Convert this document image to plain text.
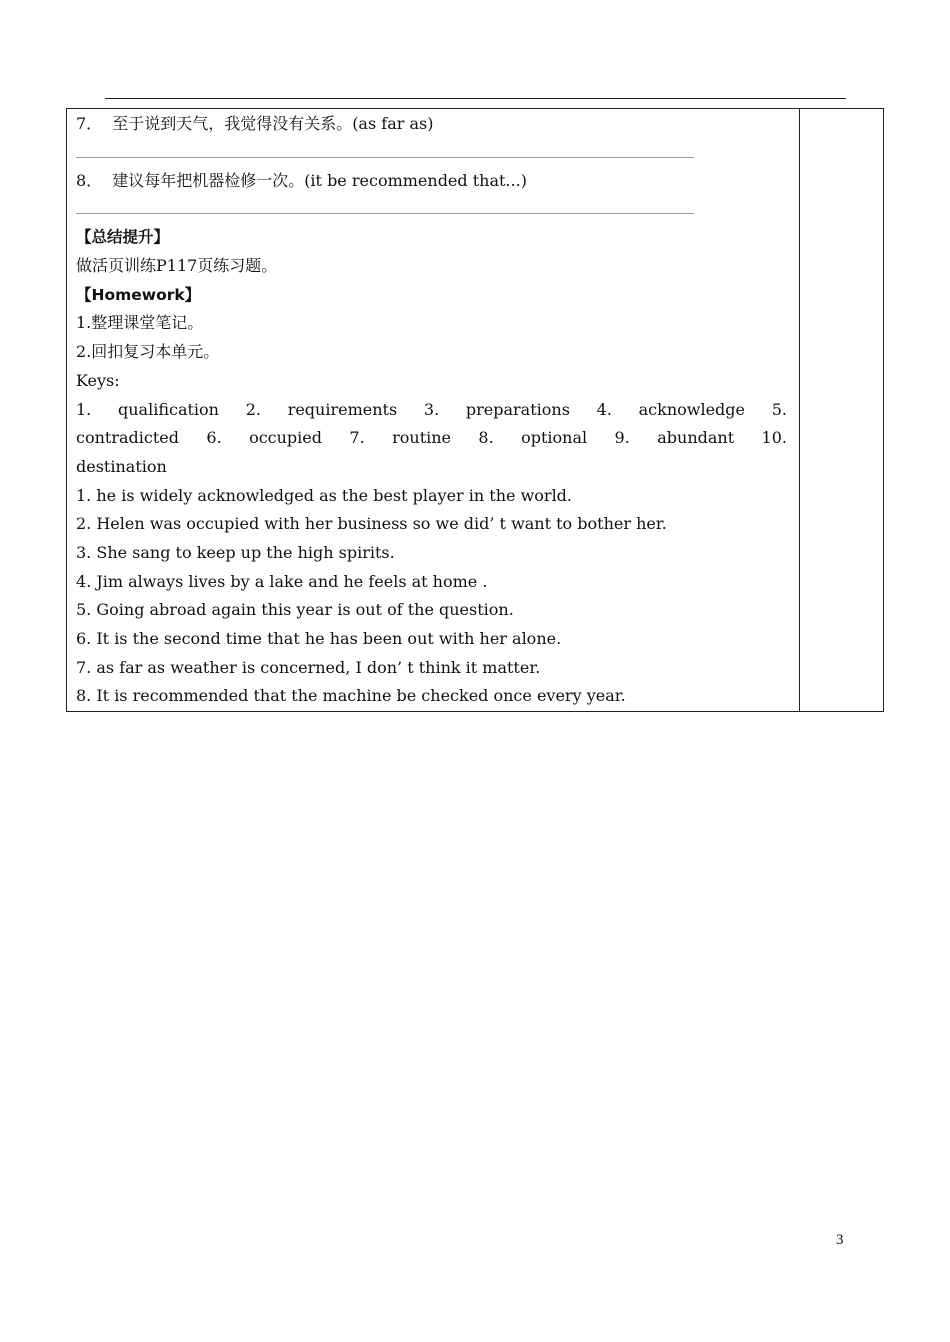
7． 至于说到天气，我觉得没有关系。(as far as)
8． 建议每年把机器检修一次。(it be recommended that...)
【总结提升】
做活页训练P117页练习题。
【Homework】
1.整理课堂笔记。
2.回扣复习本单元。
Keys:
1. qualification 2. requirements 3. preparations 4. acknowledge 5.
contradicted 6. occupied 7. routine 8. optional 9. abundant 10.
destination
1. he is widely acknowledged as the best player in the world.
2. Helen was occupied with her business so we did’ t want to bother her.
3. She sang to keep up the high spirits.
4. Jim always lives by a lake and he feels at home .
5. Going abroad again this year is out of the question.
6. It is the second time that he has been out with her alone.
7. as far as weather is concerned, I don’ t think it matter.
8. It is recommended that the machine be checked once every year.
3
